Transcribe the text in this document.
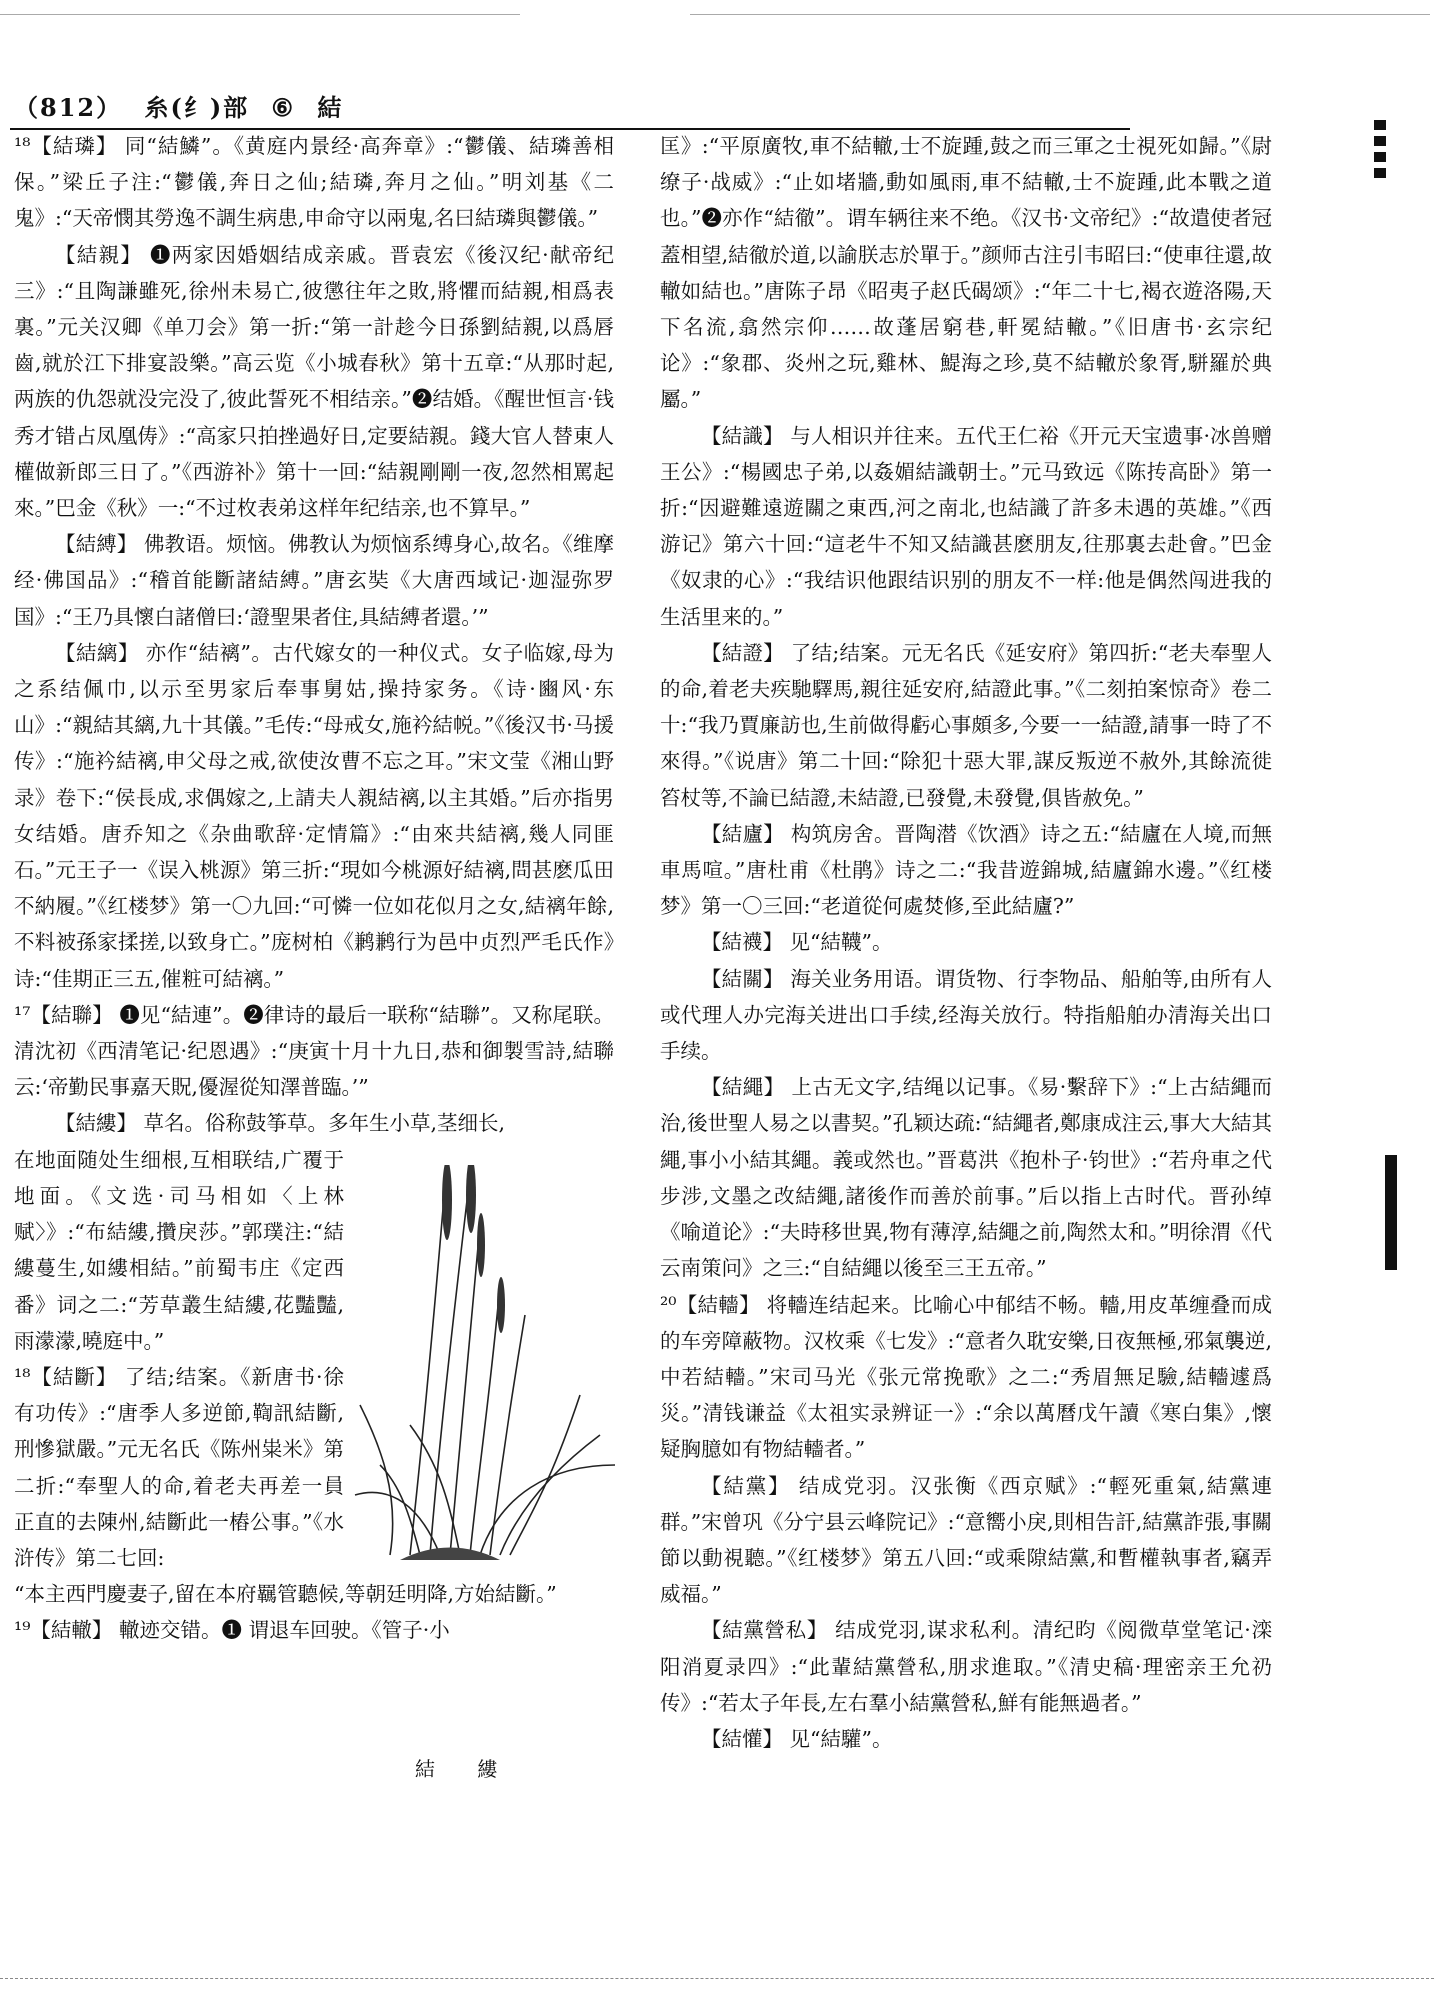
（812） 糸(纟)部 ⑥ 結

¹⁸【結璘】 同“結鱗”。《黄庭内景经·高奔章》:“鬱儀、結璘善相保。”梁丘子注:“鬱儀,奔日之仙;結璘,奔月之仙。”明刘基《二鬼》:“天帝憫其勞逸不調生病患,申命守以兩鬼,名曰結璘與鬱儀。”

【結親】 ❶两家因婚姻结成亲戚。晋袁宏《後汉纪·献帝纪三》:“且陶謙雖死,徐州未易亡,彼懲往年之敗,將懼而結親,相爲表裏。”元关汉卿《单刀会》第一折:“第一計趁今日孫劉結親,以爲唇齒,就於江下排宴設樂。”高云览《小城春秋》第十五章:“从那时起,两族的仇怨就没完没了,彼此誓死不相结亲。”❷结婚。《醒世恒言·钱秀才错占凤凰俦》:“高家只拍挫過好日,定要結親。錢大官人替東人權做新郎三日了。”《西游补》第十一回:“結親剛剛一夜,忽然相罵起來。”巴金《秋》一:“不过枚表弟这样年纪结亲,也不算早。”

【結縛】 佛教语。烦恼。佛教认为烦恼系缚身心,故名。《维摩经·佛国品》:“稽首能斷諸結縛。”唐玄奘《大唐西域记·迦湿弥罗国》:“王乃具懷白諸僧曰:‘證聖果者住,具結縛者還。’”

【結縭】 亦作“結褵”。古代嫁女的一种仪式。女子临嫁,母为之系结佩巾,以示至男家后奉事舅姑,操持家务。《诗·豳风·东山》:“親結其縭,九十其儀。”毛传:“母戒女,施衿結帨。”《後汉书·马援传》:“施衿結褵,申父母之戒,欲使汝曹不忘之耳。”宋文莹《湘山野录》卷下:“侯長成,求偶嫁之,上請夫人親結褵,以主其婚。”后亦指男女结婚。唐乔知之《杂曲歌辞·定情篇》:“由來共結褵,幾人同匪石。”元王子一《误入桃源》第三折:“現如今桃源好結褵,問甚麽瓜田不納履。”《红楼梦》第一〇九回:“可憐一位如花似月之女,結褵年餘,不料被孫家揉搓,以致身亡。”庞树柏《鹣鹣行为邑中贞烈严毛氏作》诗:“佳期正三五,催粧可結褵。”

¹⁷【結聯】 ❶见“結連”。❷律诗的最后一联称“結聯”。又称尾联。清沈初《西清笔记·纪恩遇》:“庚寅十月十九日,恭和御製雪詩,結聯云:‘帝勤民事嘉天貺,優渥從知澤普臨。’”

【結縷】 草名。俗称鼓筝草。多年生小草,茎细长,

在地面随处生细根,互相联结,广覆于地面。《文选·司马相如〈上林赋〉》:“布結縷,攢戾莎。”郭璞注:“結縷蔓生,如縷相結。”前蜀韦庄《定西番》词之二:“芳草叢生結縷,花豔豔,雨濛濛,曉庭中。”

¹⁸【結斷】 了结;结案。《新唐书·徐有功传》:“唐季人多逆節,鞫訊結斷,刑慘獄嚴。”元无名氏《陈州粜米》第二折:“奉聖人的命,着老夫再差一員正直的去陳州,結斷此一樁公事。”《水浒传》第二七回:

“本主西門慶妻子,留在本府羈管聽候,等朝廷明降,方始結斷。”

¹⁹【結轍】 轍迹交错。❶ 谓退车回驶。《管子·小

結 縷

匡》:“平原廣牧,車不結轍,士不旋踵,鼓之而三軍之士視死如歸。”《尉缭子·战威》:“止如堵牆,動如風雨,車不結轍,士不旋踵,此本戰之道也。”❷亦作“結徹”。谓车辆往来不绝。《汉书·文帝纪》:“故遣使者冠蓋相望,結徹於道,以諭朕志於單于。”颜师古注引韦昭曰:“使車往還,故轍如結也。”唐陈子昂《昭夷子赵氏碣颂》:“年二十七,褐衣遊洛陽,天下名流,翕然宗仰……故蓬居窮巷,軒冕結轍。”《旧唐书·玄宗纪论》:“象郡、炎州之玩,雞林、鯷海之珍,莫不結轍於象胥,駢羅於典屬。”

【結識】 与人相识并往来。五代王仁裕《开元天宝遗事·冰兽赠王公》:“楊國忠子弟,以姦媚結識朝士。”元马致远《陈抟高卧》第一折:“因避難遠遊關之東西,河之南北,也結識了許多未遇的英雄。”《西游记》第六十回:“這老牛不知又結識甚麽朋友,往那裏去赴會。”巴金《奴隶的心》:“我结识他跟结识别的朋友不一样:他是偶然闯进我的生活里来的。”

【結證】 了结;结案。元无名氏《延安府》第四折:“老夫奉聖人的命,着老夫疾馳驛馬,親往延安府,結證此事。”《二刻拍案惊奇》卷二十:“我乃賈廉訪也,生前做得虧心事頗多,今要一一結證,請事一時了不來得。”《说唐》第二十回:“除犯十惡大罪,謀反叛逆不赦外,其餘流徙笞杖等,不論已結證,未結證,已發覺,未發覺,俱皆赦免。”

【結廬】 构筑房舍。晋陶潜《饮酒》诗之五:“結廬在人境,而無車馬喧。”唐杜甫《杜鹃》诗之二:“我昔遊錦城,結廬錦水邊。”《红楼梦》第一〇三回:“老道從何處焚修,至此結廬?”

【結襪】 见“結韈”。

【結關】 海关业务用语。谓货物、行李物品、船舶等,由所有人或代理人办完海关进出口手续,经海关放行。特指船舶办清海关出口手续。

【結繩】 上古无文字,结绳以记事。《易·繫辞下》:“上古結繩而治,後世聖人易之以書契。”孔颖达疏:“結繩者,鄭康成注云,事大大結其繩,事小小結其繩。義或然也。”晋葛洪《抱朴子·钧世》:“若舟車之代步涉,文墨之改結繩,諸後作而善於前事。”后以指上古时代。晋孙绰《喻道论》:“夫時移世異,物有薄淳,結繩之前,陶然太和。”明徐渭《代云南策问》之三:“自結繩以後至三王五帝。”

²⁰【結轖】 将轖连结起来。比喻心中郁结不畅。轖,用皮革缠叠而成的车旁障蔽物。汉枚乘《七发》:“意者久耽安樂,日夜無極,邪氣襲逆,中若結轖。”宋司马光《张元常挽歌》之二:“秀眉無足驗,結轖遽爲災。”清钱谦益《太祖实录辨证一》:“余以萬曆戊午讀《寒白集》,懷疑胸臆如有物結轖者。”

【結黨】 结成党羽。汉张衡《西京赋》:“輕死重氣,結黨連群。”宋曾巩《分宁县云峰院记》:“意嚮小戾,則相告訐,結黨詐張,事關節以動視聽。”《红楼梦》第五八回:“或乘隙結黨,和暫權執事者,竊弄威福。”

【結黨營私】 结成党羽,谋求私利。清纪昀《阅微草堂笔记·滦阳消夏录四》:“此輩結黨營私,朋求進取。”《清史稿·理密亲王允礽传》:“若太子年長,左右羣小結黨營私,鮮有能無過者。”

【結懽】 见“結驩”。
